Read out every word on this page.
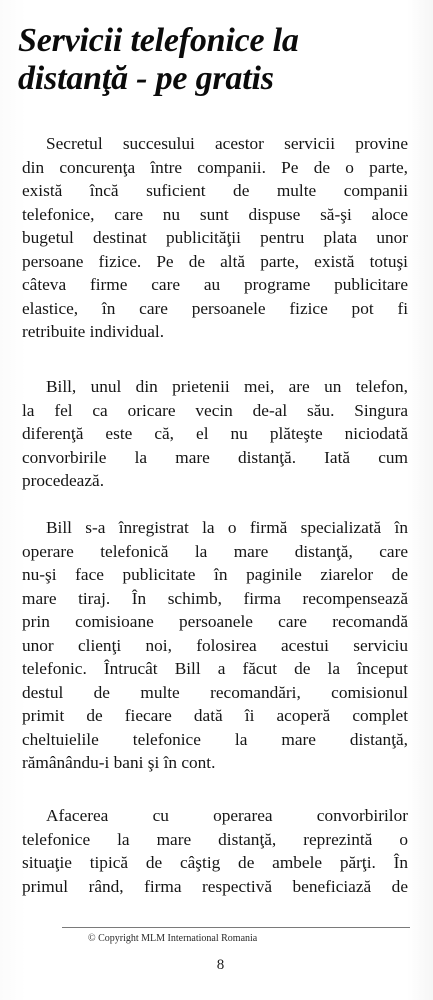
Servicii telefonice la
distanţă - pe gratis

Secretul succesului acestor servicii provine
din concurenţa între companii. Pe de o parte,
există încă suficient de multe companii
telefonice, care nu sunt dispuse să-şi aloce
bugetul destinat publicităţii pentru plata unor
persoane fizice. Pe de altă parte, există totuşi
câteva firme care au programe publicitare
elastice, în care persoanele fizice pot fi
retribuite individual.

Bill, unul din prietenii mei, are un telefon,
la fel ca oricare vecin de-al său. Singura
diferenţă este că, el nu plăteşte niciodată
convorbirile la mare distanţă. Iată cum
procedează.

Bill s-a înregistrat la o firmă specializată în
operare telefonică la mare distanţă, care
nu-şi face publicitate în paginile ziarelor de
mare tiraj. În schimb, firma recompensează
prin comisioane persoanele care recomandă
unor clienţi noi, folosirea acestui serviciu
telefonic. Întrucât Bill a făcut de la început
destul de multe recomandări, comisionul
primit de fiecare dată îi acoperă complet
cheltuielile telefonice la mare distanţă,
rămânându-i bani şi în cont.

Afacerea cu operarea convorbirilor
telefonice la mare distanţă, reprezintă o
situaţie tipică de câştig de ambele părţi. În
primul rând, firma respectivă beneficiază de

© Copyright MLM International Romania
8
